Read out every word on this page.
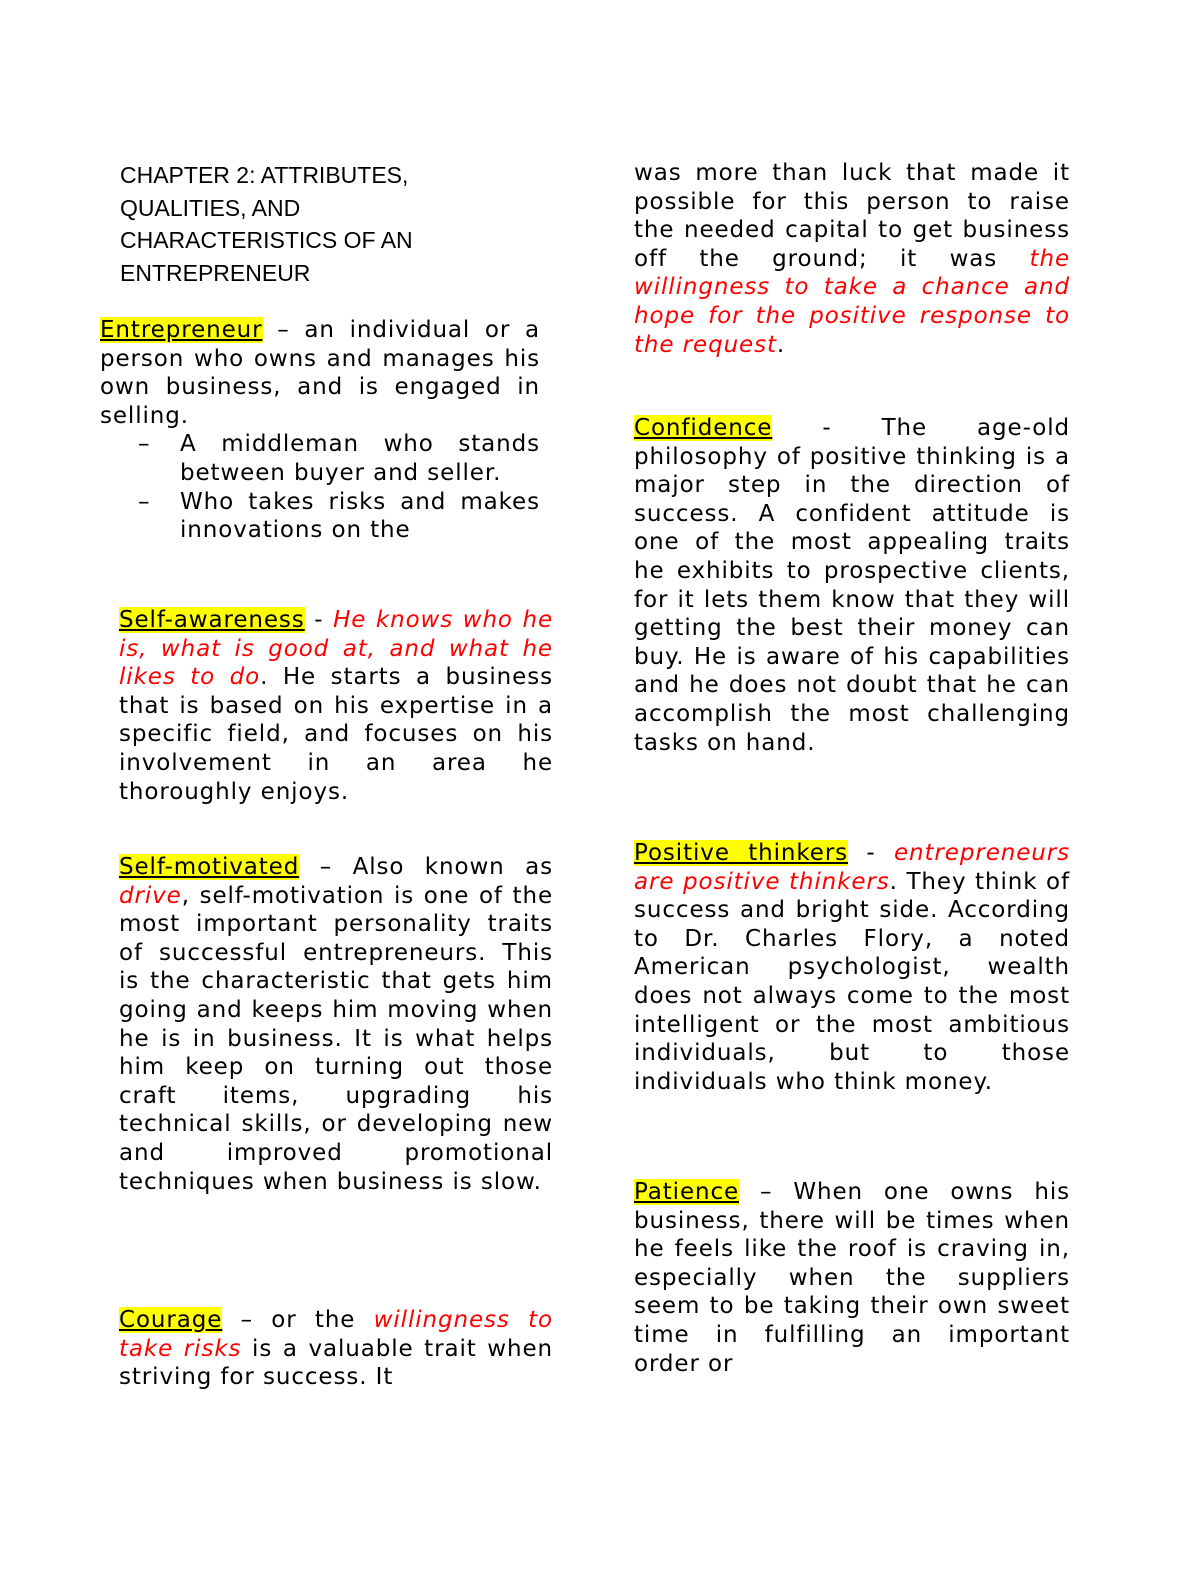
CHAPTER 2: ATTRIBUTES,
QUALITIES, AND
CHARACTERISTICS OF AN
ENTREPRENEUR

Entrepreneur – an individual or a person who owns and manages his own business, and is engaged in selling.

– A middleman who stands between buyer and seller.
– Who takes risks and makes innovations on the

Self-awareness - He knows who he is, what is good at, and what he likes to do. He starts a business that is based on his expertise in a specific field, and focuses on his involvement in an area he thoroughly enjoys.

Self-motivated – Also known as drive, self-motivation is one of the most important personality traits of successful entrepreneurs. This is the characteristic that gets him going and keeps him moving when he is in business. It is what helps him keep on turning out those craft items, upgrading his technical skills, or developing new and improved promotional techniques when business is slow.

Courage – or the willingness to take risks is a valuable trait when striving for success. It

was more than luck that made it possible for this person to raise the needed capital to get business off the ground; it was the willingness to take a chance and hope for the positive response to the request.

Confidence - The age-old philosophy of positive thinking is a major step in the direction of success. A confident attitude is one of the most appealing traits he exhibits to prospective clients, for it lets them know that they will getting the best their money can buy. He is aware of his capabilities and he does not doubt that he can accomplish the most challenging tasks on hand.

Positive thinkers - entrepreneurs are positive thinkers. They think of success and bright side. According to Dr. Charles Flory, a noted American psychologist, wealth does not always come to the most intelligent or the most ambitious individuals, but to those individuals who think money.

Patience – When one owns his business, there will be times when he feels like the roof is craving in, especially when the suppliers seem to be taking their own sweet time in fulfilling an important order or
